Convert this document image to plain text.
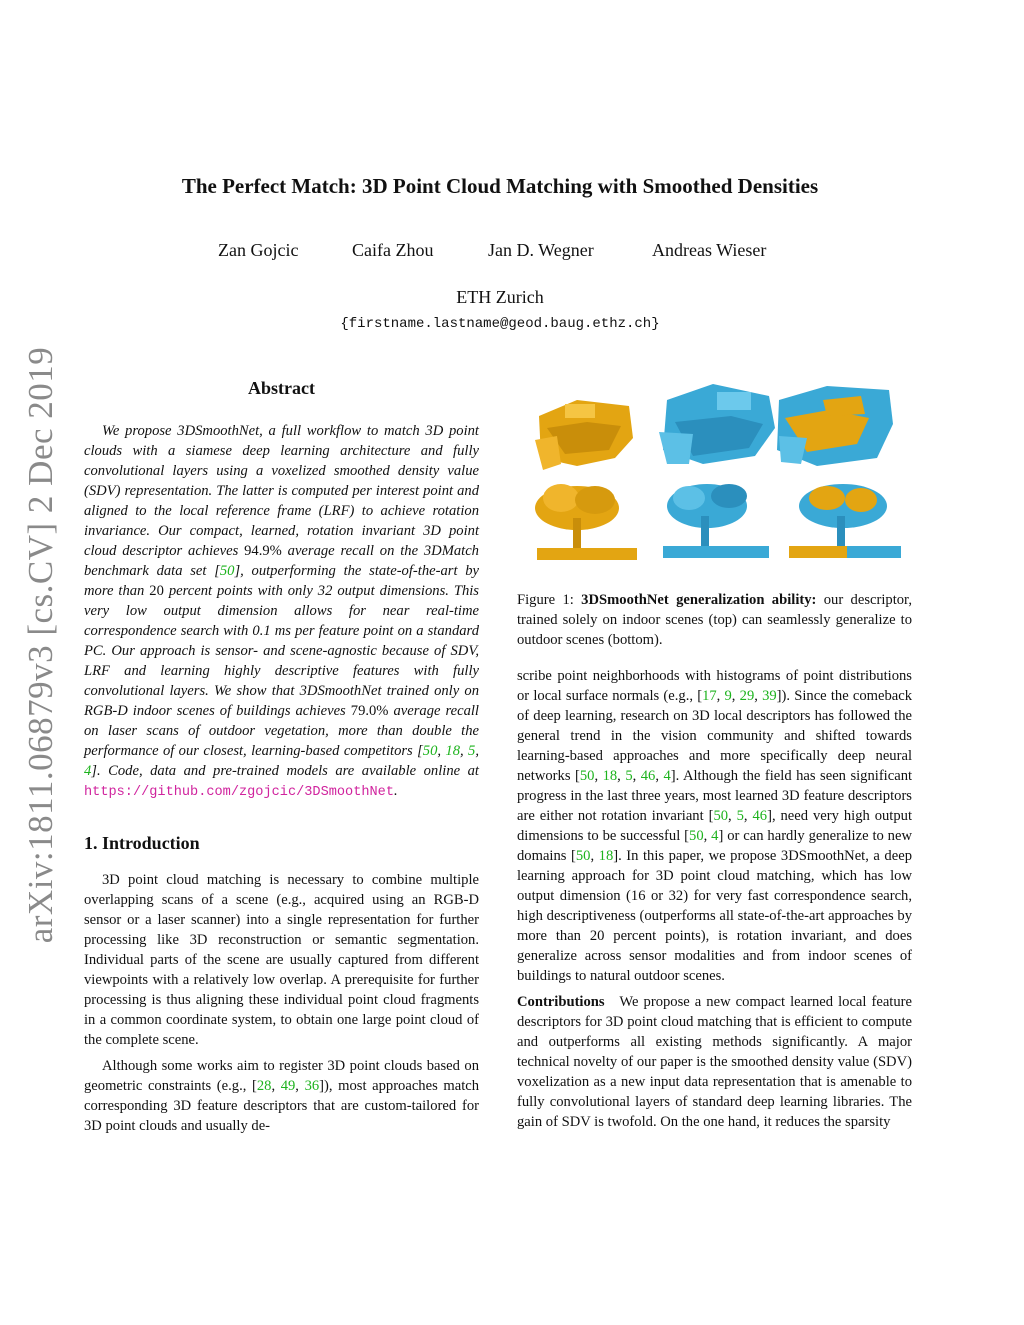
arXiv:1811.06879v3 [cs.CV] 2 Dec 2019
The Perfect Match: 3D Point Cloud Matching with Smoothed Densities
Zan Gojcic	Caifa Zhou	Jan D. Wegner	Andreas Wieser
ETH Zurich
{firstname.lastname@geod.baug.ethz.ch}
Abstract

We propose 3DSmoothNet, a full workflow to match 3D point clouds with a siamese deep learning architecture and fully convolutional layers using a voxelized smoothed density value (SDV) representation. The latter is computed per interest point and aligned to the local reference frame (LRF) to achieve rotation invariance. Our compact, learned, rotation invariant 3D point cloud descriptor achieves 94.9% average recall on the 3DMatch benchmark data set [50], outperforming the state-of-the-art by more than 20 percent points with only 32 output dimensions. This very low output dimension allows for near real-time correspondence search with 0.1 ms per feature point on a standard PC. Our approach is sensor- and scene-agnostic because of SDV, LRF and learning highly descriptive features with fully convolutional layers. We show that 3DSmoothNet trained only on RGB-D indoor scenes of buildings achieves 79.0% average recall on laser scans of outdoor vegetation, more than double the performance of our closest, learning-based competitors [50, 18, 5, 4]. Code, data and pre-trained models are available online at https://github.com/zgojcic/3DSmoothNet.

1. Introduction

3D point cloud matching is necessary to combine multiple overlapping scans of a scene (e.g., acquired using an RGB-D sensor or a laser scanner) into a single representation for further processing like 3D reconstruction or semantic segmentation. Individual parts of the scene are usually captured from different viewpoints with a relatively low overlap. A prerequisite for further processing is thus aligning these individual point cloud fragments in a common coordinate system, to obtain one large point cloud of the complete scene.

Although some works aim to register 3D point clouds based on geometric constraints (e.g., [28, 49, 36]), most approaches match corresponding 3D feature descriptors that are custom-tailored for 3D point clouds and usually de-

Figure 1: 3DSmoothNet generalization ability: our descriptor, trained solely on indoor scenes (top) can seamlessly generalize to outdoor scenes (bottom).

scribe point neighborhoods with histograms of point distributions or local surface normals (e.g., [17, 9, 29, 39]). Since the comeback of deep learning, research on 3D local descriptors has followed the general trend in the vision community and shifted towards learning-based approaches and more specifically deep neural networks [50, 18, 5, 46, 4]. Although the field has seen significant progress in the last three years, most learned 3D feature descriptors are either not rotation invariant [50, 5, 46], need very high output dimensions to be successful [50, 4] or can hardly generalize to new domains [50, 18]. In this paper, we propose 3DSmoothNet, a deep learning approach for 3D point cloud matching, which has low output dimension (16 or 32) for very fast correspondence search, high descriptiveness (outperforms all state-of-the-art approaches by more than 20 percent points), is rotation invariant, and does generalize across sensor modalities and from indoor scenes of buildings to natural outdoor scenes.

Contributions   We propose a new compact learned local feature descriptors for 3D point cloud matching that is efficient to compute and outperforms all existing methods significantly. A major technical novelty of our paper is the smoothed density value (SDV) voxelization as a new input data representation that is amenable to fully convolutional layers of standard deep learning libraries. The gain of SDV is twofold. On the one hand, it reduces the sparsity
